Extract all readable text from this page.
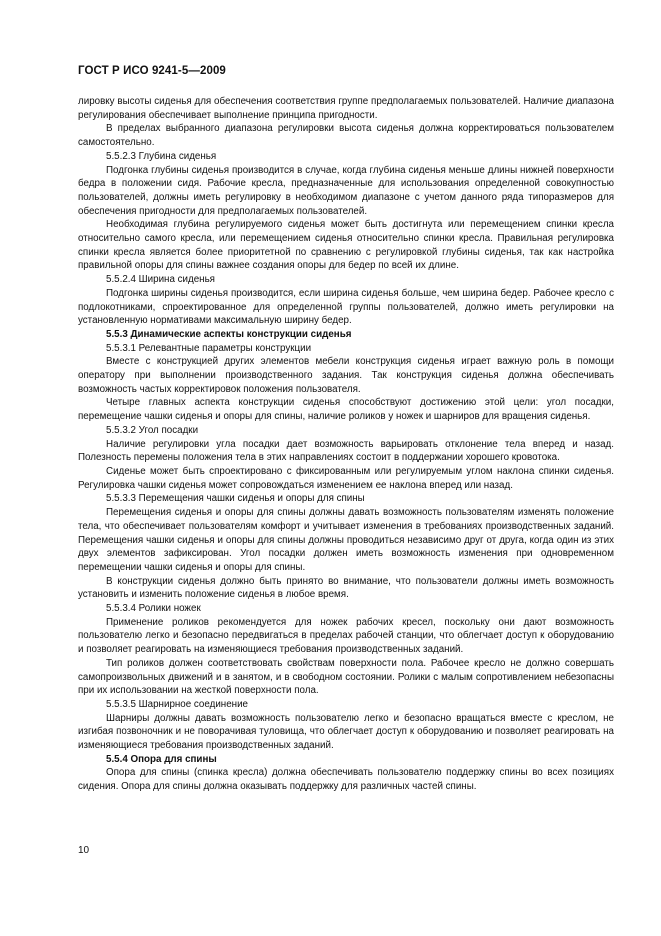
ГОСТ Р ИСО 9241-5—2009

лировку высоты сиденья для обеспечения соответствия группе предполагаемых пользователей. Наличие диапазона регулирования обеспечивает выполнение принципа пригодности.

В пределах выбранного диапазона регулировки высота сиденья должна корректироваться пользователем самостоятельно.

5.5.2.3 Глубина сиденья

Подгонка глубины сиденья производится в случае, когда глубина сиденья меньше длины нижней поверхности бедра в положении сидя. Рабочие кресла, предназначенные для использования определенной совокупностью пользователей, должны иметь регулировку в необходимом диапазоне с учетом данного ряда типоразмеров для обеспечения пригодности для предполагаемых пользователей.

Необходимая глубина регулируемого сиденья может быть достигнута или перемещением спинки кресла относительно самого кресла, или перемещением сиденья относительно спинки кресла. Правильная регулировка спинки кресла является более приоритетной по сравнению с регулировкой глубины сиденья, так как настройка правильной опоры для спины важнее создания опоры для бедер по всей их длине.

5.5.2.4 Ширина сиденья

Подгонка ширины сиденья производится, если ширина сиденья больше, чем ширина бедер. Рабочее кресло с подлокотниками, спроектированное для определенной группы пользователей, должно иметь регулировки на установленную нормативами максимальную ширину бедер.

5.5.3 Динамические аспекты конструкции сиденья

5.5.3.1 Релевантные параметры конструкции

Вместе с конструкцией других элементов мебели конструкция сиденья играет важную роль в помощи оператору при выполнении производственного задания. Так конструкция сиденья должна обеспечивать возможность частых корректировок положения пользователя.

Четыре главных аспекта конструкции сиденья способствуют достижению этой цели: угол посадки, перемещение чашки сиденья и опоры для спины, наличие роликов у ножек и шарниров для вращения сиденья.

5.5.3.2 Угол посадки

Наличие регулировки угла посадки дает возможность варьировать отклонение тела вперед и назад. Полезность перемены положения тела в этих направлениях состоит в поддержании хорошего кровотока.

Сиденье может быть спроектировано с фиксированным или регулируемым углом наклона спинки сиденья. Регулировка чашки сиденья может сопровождаться изменением ее наклона вперед или назад.

5.5.3.3 Перемещения чашки сиденья и опоры для спины

Перемещения сиденья и опоры для спины должны давать возможность пользователям изменять положение тела, что обеспечивает пользователям комфорт и учитывает изменения в требованиях производственных заданий. Перемещения чашки сиденья и опоры для спины должны проводиться независимо друг от друга, когда один из этих двух элементов зафиксирован. Угол посадки должен иметь возможность изменения при одновременном перемещении чашки сиденья и опоры для спины.

В конструкции сиденья должно быть принято во внимание, что пользователи должны иметь возможность установить и изменить положение сиденья в любое время.

5.5.3.4 Ролики ножек

Применение роликов рекомендуется для ножек рабочих кресел, поскольку они дают возможность пользователю легко и безопасно передвигаться в пределах рабочей станции, что облегчает доступ к оборудованию и позволяет реагировать на изменяющиеся требования производственных заданий.

Тип роликов должен соответствовать свойствам поверхности пола. Рабочее кресло не должно совершать самопроизвольных движений и в занятом, и в свободном состоянии. Ролики с малым сопротивлением небезопасны при их использовании на жесткой поверхности пола.

5.5.3.5 Шарнирное соединение

Шарниры должны давать возможность пользователю легко и безопасно вращаться вместе с креслом, не изгибая позвоночник и не поворачивая туловища, что облегчает доступ к оборудованию и позволяет реагировать на изменяющиеся требования производственных заданий.

5.5.4 Опора для спины

Опора для спины (спинка кресла) должна обеспечивать пользователю поддержку спины во всех позициях сидения. Опора для спины должна оказывать поддержку для различных частей спины.

10
